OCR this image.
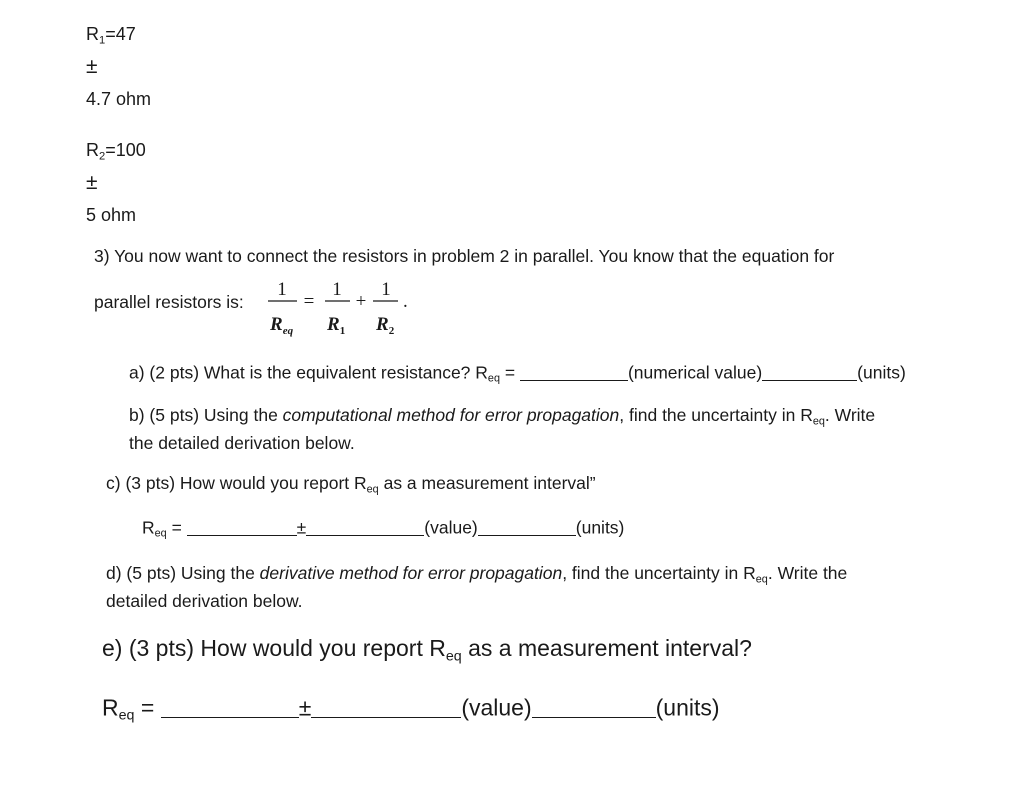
$R_1=47$
±
4.7 ohm
$R_2=100$
±
5 ohm
3) You now want to connect the resistors in problem 2 in parallel. You know that the equation for
parallel resistors is:
1
$R_{eq}$
=
1
$R_1$
+
1
$R_2$
.
a) (2 pts) What is the equivalent resistance? $R_{eq}$ =	(numerical value)	(units)
b) (5 pts) Using the computational method for error propagation, find the uncertainty in $R_{eq}$. Write
the detailed derivation below.
c) (3 pts) How would you report $R_{eq}$ as a measurement interval”
$R_{eq}$ =	±	(value)	(units)
d) (5 pts) Using the derivative method for error propagation, find the uncertainty in $R_{eq}$. Write the
detailed derivation below.
e) (3 pts) How would you report $R_{eq}$ as a measurement interval?
$R_{eq}$ =	±	(value)	(units)
